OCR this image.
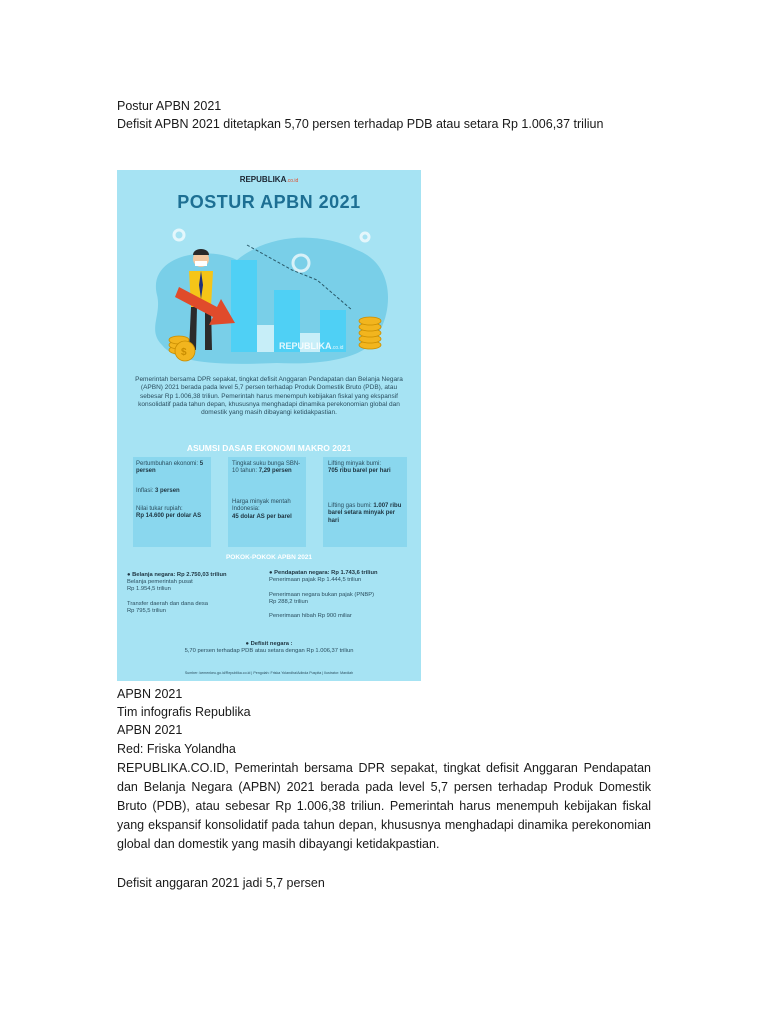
Postur APBN 2021
Defisit APBN 2021 ditetapkan 5,70 persen terhadap PDB atau setara Rp 1.006,37 triliun
REPUBLIKA.co.id
POSTUR APBN 2021
REPUBLIKA.co.id
$
Pemerintah bersama DPR sepakat, tingkat defisit Anggaran Pendapatan dan Belanja Negara (APBN) 2021 berada pada level 5,7 persen terhadap Produk Domestik Bruto (PDB), atau sebesar Rp 1.006,38 triliun. Pemerintah harus menempuh kebijakan fiskal yang ekspansif konsolidatif pada tahun depan, khususnya menghadapi dinamika perekonomian global dan domestik yang masih dibayangi ketidakpastian.
ASUMSI DASAR EKONOMI MAKRO 2021
Pertumbuhan ekonomi: 5 persen
Inflasi: 3 persen
Nilai tukar rupiah:
Rp 14.600 per dolar AS
Tingkat suku bunga SBN-10 tahun: 7,29 persen
Harga minyak mentah Indonesia:
45 dolar AS per barel
Lifting minyak bumi:
705 ribu barel per hari
Lifting gas bumi: 1.007 ribu barel setara minyak per hari
POKOK-POKOK APBN 2021
● Belanja negara: Rp 2.750,03 triliun
Belanja pemerintah pusat
Rp 1.954,5 triliun

Transfer daerah dan dana desa
Rp 795,5 triliun
● Pendapatan negara: Rp 1.743,6 triliun
Penerimaan pajak Rp 1.444,5 triliun

Penerimaan negara bukan pajak (PNBP)
Rp 288,2 triliun

Penerimaan hibah Rp 900 miliar
● Defisit negara :
5,70 persen terhadap PDB atau setara dengan Rp 1.006,37 triliun
Sumber: kemenkeu.go.id/Republika.co.id | Pengolah: Friska Yolandha/Adinda Puspita | Ilustrator: Mardiah
APBN 2021
Tim infografis Republika
APBN 2021
Red: Friska Yolandha
REPUBLIKA.CO.ID, Pemerintah bersama DPR sepakat, tingkat defisit Anggaran Pendapatan dan Belanja Negara (APBN) 2021 berada pada level 5,7 persen terhadap Produk Domestik Bruto (PDB), atau sebesar Rp 1.006,38 triliun. Pemerintah harus menempuh kebijakan fiskal yang ekspansif konsolidatif pada tahun depan, khususnya menghadapi dinamika perekonomian global dan domestik yang masih dibayangi ketidakpastian.
Defisit anggaran 2021 jadi 5,7 persen
